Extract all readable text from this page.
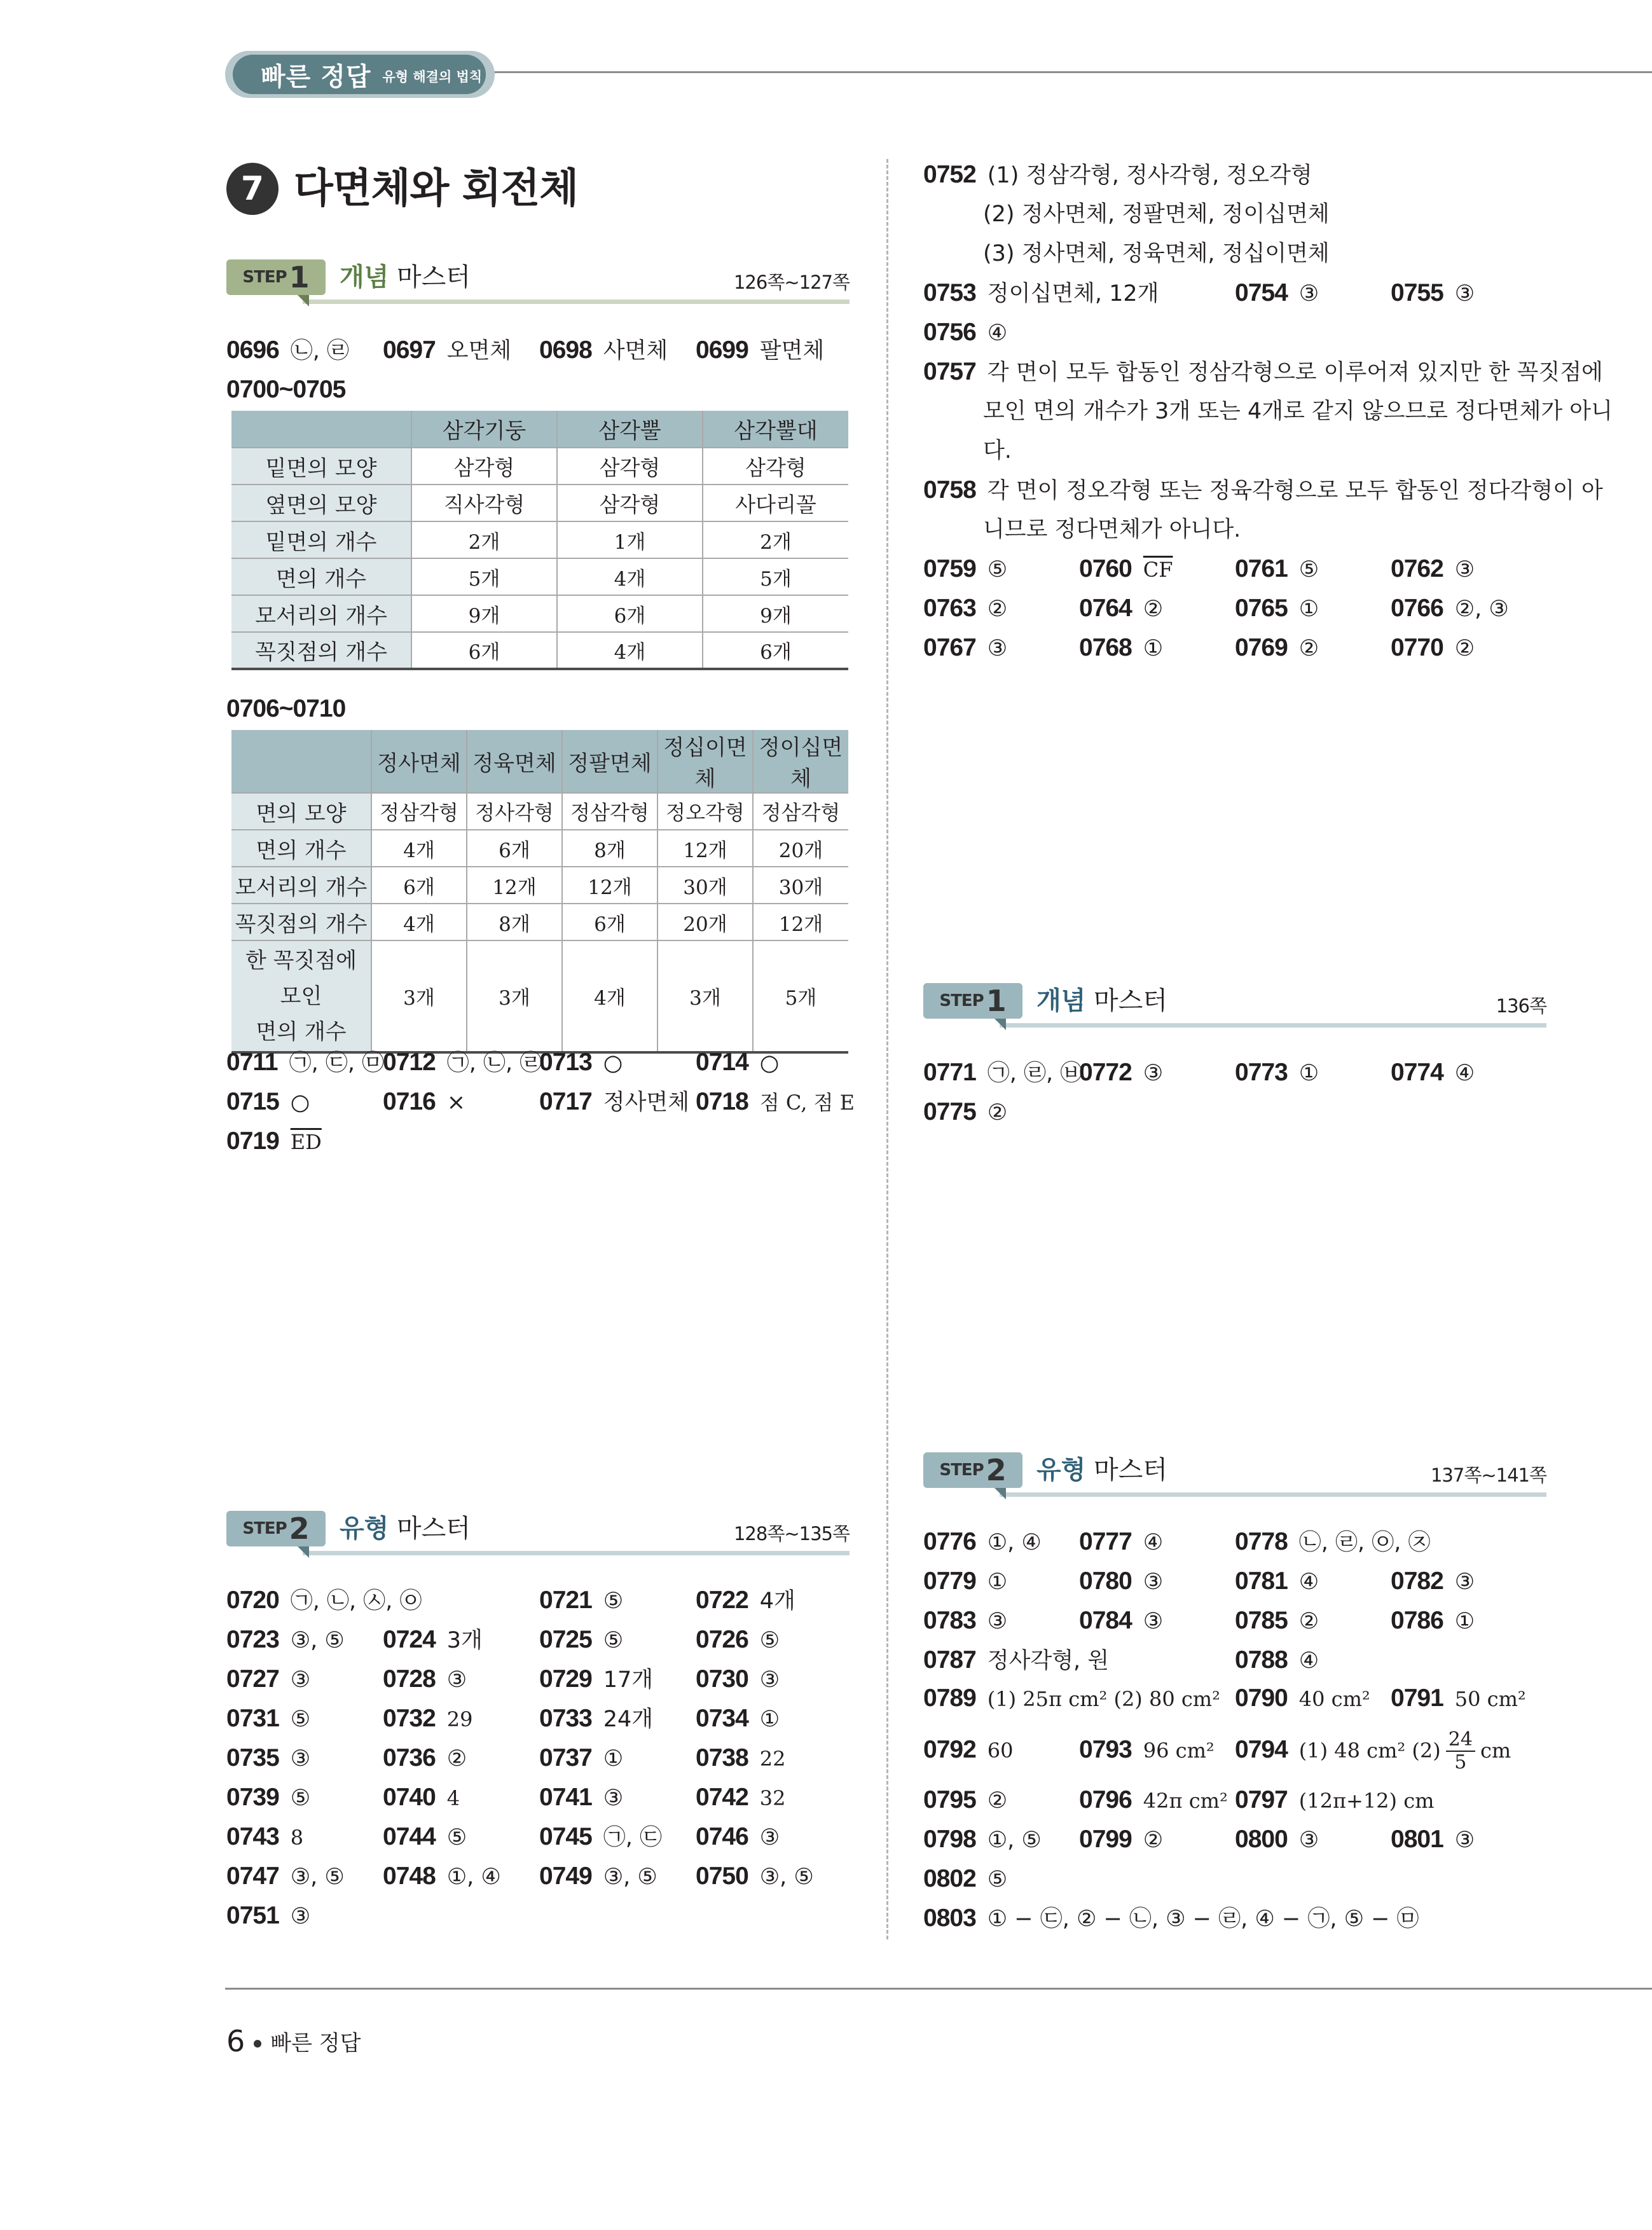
빠른 정답 유형 해결의 법칙
7 다면체와 회전체
STEP 1 개념 마스터	126쪽~127쪽
0696 ㉡, ㉣ 0697 오면체 0698 사면체 0699 팔면체
0700~0705
	삼각기둥	삼각뿔	삼각뿔대
밑면의 모양	삼각형	삼각형	삼각형
옆면의 모양	직사각형	삼각형	사다리꼴
밑면의 개수	2개	1개	2개
면의 개수	5개	4개	5개
모서리의 개수	9개	6개	9개
꼭짓점의 개수	6개	4개	6개
0706~0710
	정사면체	정육면체	정팔면체	정십이면체	정이십면체
면의 모양	정삼각형	정사각형	정삼각형	정오각형	정삼각형
면의 개수	4개	6개	8개	12개	20개
모서리의 개수	6개	12개	12개	30개	30개
꼭짓점의 개수	4개	8개	6개	20개	12개

한 꼭짓점에
모인
면의 개수	3개	3개	4개	3개	5개
0711 ㉠, ㉢, ㉤
0712 ㉠, ㉡, ㉣
0713 ○	0714 ○
0715 ○	0716 ×	0717 정사면체 0718 점 C, 점 E
0719 $\overline{ED}$
STEP 2 유형 마스터	128쪽~135쪽
0720 ㉠, ㉡, ㉦, ㉧	0721 ⑤	0722 4개
0723 ③, ⑤ 0724 3개 0725 ⑤	0726 ⑤
0727 ③	0728 ③	0729 17개 0730 ③
0731 ⑤	0732 29	0733 24개 0734 ①
0735 ③	0736 ②	0737 ①	0738 22
0739 ⑤	0740 4	0741 ③	0742 32
0743 8	0744 ⑤	0745 ㉠, ㉢ 0746 ③
0747 ③, ⑤ 0748 ①, ④ 0749 ③, ⑤ 0750 ③, ⑤
0751 ③
0752 (1) 정삼각형, 정사각형, 정오각형
(2) 정사면체, 정팔면체, 정이십면체
(3) 정사면체, 정육면체, 정십이면체
0753 정이십면체, 12개	0754 ③	0755 ③
0756 ④
0757 각 면이 모두 합동인 정삼각형으로 이루어져 있지만 한 꼭짓점에
모인 면의 개수가 3개 또는 4개로 같지 않으므로 정다면체가 아니
다.
0758 각 면이 정오각형 또는 정육각형으로 모두 합동인 정다각형이 아
니므로 정다면체가 아니다.
0759 ⑤	0760 $\overline{CF}$	0761 ⑤	0762 ③
0763 ②	0764 ②	0765 ①	0766 ②, ③
0767 ③	0768 ①	0769 ②	0770 ②
STEP 1 개념 마스터	136쪽
0771 ㉠, ㉣, ㉥
0772 ③	0773 ①	0774 ④
0775 ②
STEP 2 유형 마스터	137쪽~141쪽
0776 ①, ④ 0777 ④	0778 ㉡, ㉣, ㉧, ㉨
0779 ①	0780 ③	0781 ④	0782 ③
0783 ③	0784 ③	0785 ②	0786 ①
0787 정사각형, 원	0788 ④
0789 (1) 25π cm² (2) 80 cm² 0790 40 cm² 0791 50 cm²
0792 60	0793 96 cm² 0794 (1) 48 cm² $(2) \frac{24}{5}$ cm
0795 ②	0796 42π cm² 0797 (12π+12) cm
0798 ①, ⑤ 0799 ②	0800 ③	0801 ③
0802 ⑤
0803 ① − ㉢, ② − ㉡, ③ − ㉣, ④ − ㉠, ⑤ − ㉤
6 빠른 정답
